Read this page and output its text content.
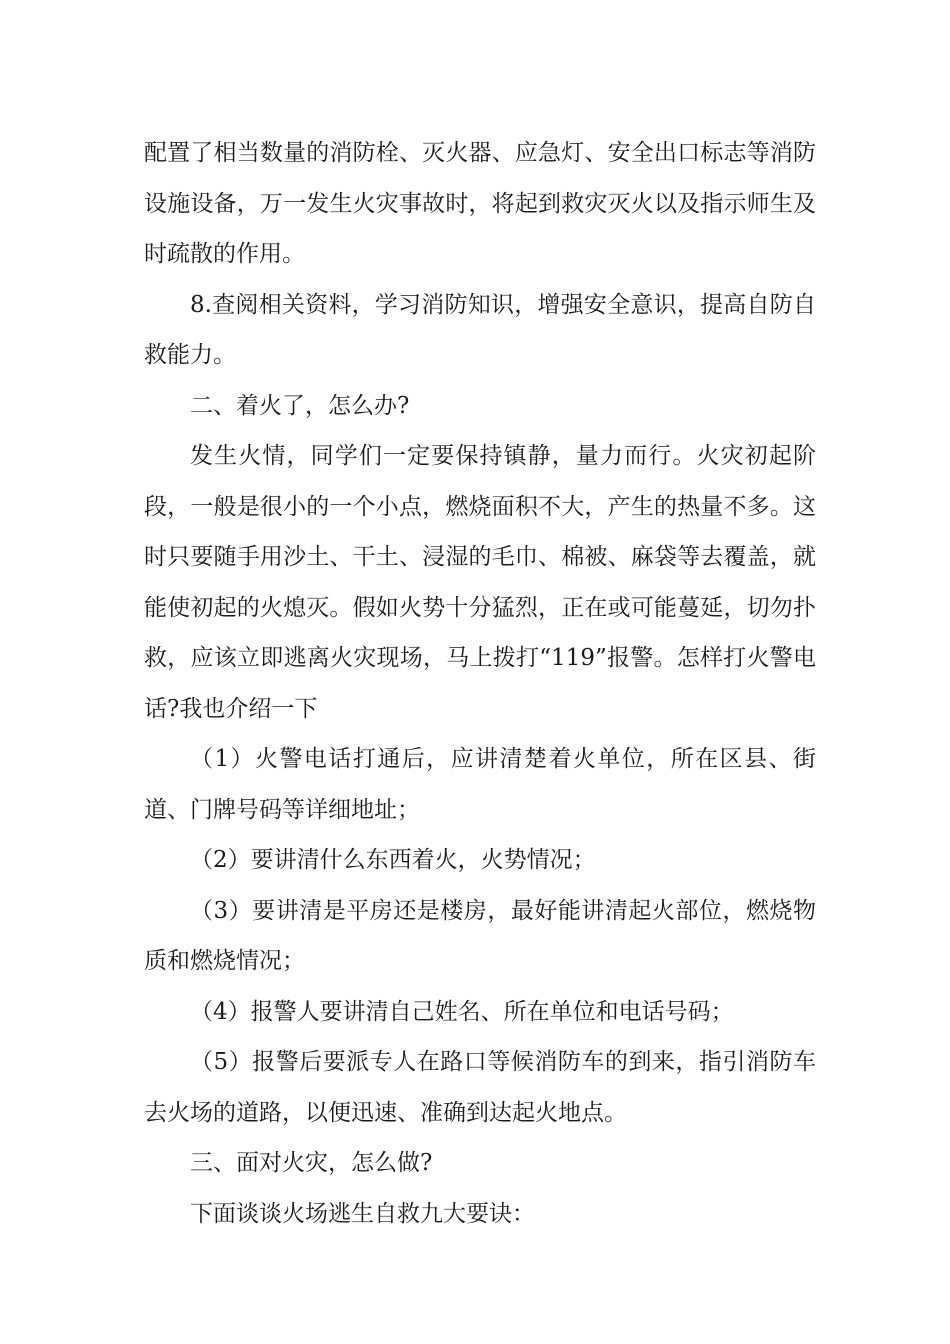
配置了相当数量的消防栓、灭火器、应急灯、安全出口标志等消防设施设备，万一发生火灾事故时，将起到救灾灭火以及指示师生及时疏散的作用。

8.查阅相关资料，学习消防知识，增强安全意识，提高自防自救能力。

二、着火了，怎么办?

发生火情，同学们一定要保持镇静，量力而行。火灾初起阶段，一般是很小的一个小点，燃烧面积不大，产生的热量不多。这时只要随手用沙土、干土、浸湿的毛巾、棉被、麻袋等去覆盖，就能使初起的火熄灭。假如火势十分猛烈，正在或可能蔓延，切勿扑救，应该立即逃离火灾现场，马上拨打“119”报警。怎样打火警电话?我也介绍一下

（1）火警电话打通后，应讲清楚着火单位，所在区县、街道、门牌号码等详细地址；

（2）要讲清什么东西着火，火势情况；

（3）要讲清是平房还是楼房，最好能讲清起火部位，燃烧物质和燃烧情况；

（4）报警人要讲清自己姓名、所在单位和电话号码；

（5）报警后要派专人在路口等候消防车的到来，指引消防车去火场的道路，以便迅速、准确到达起火地点。

三、面对火灾，怎么做?

下面谈谈火场逃生自救九大要诀：
